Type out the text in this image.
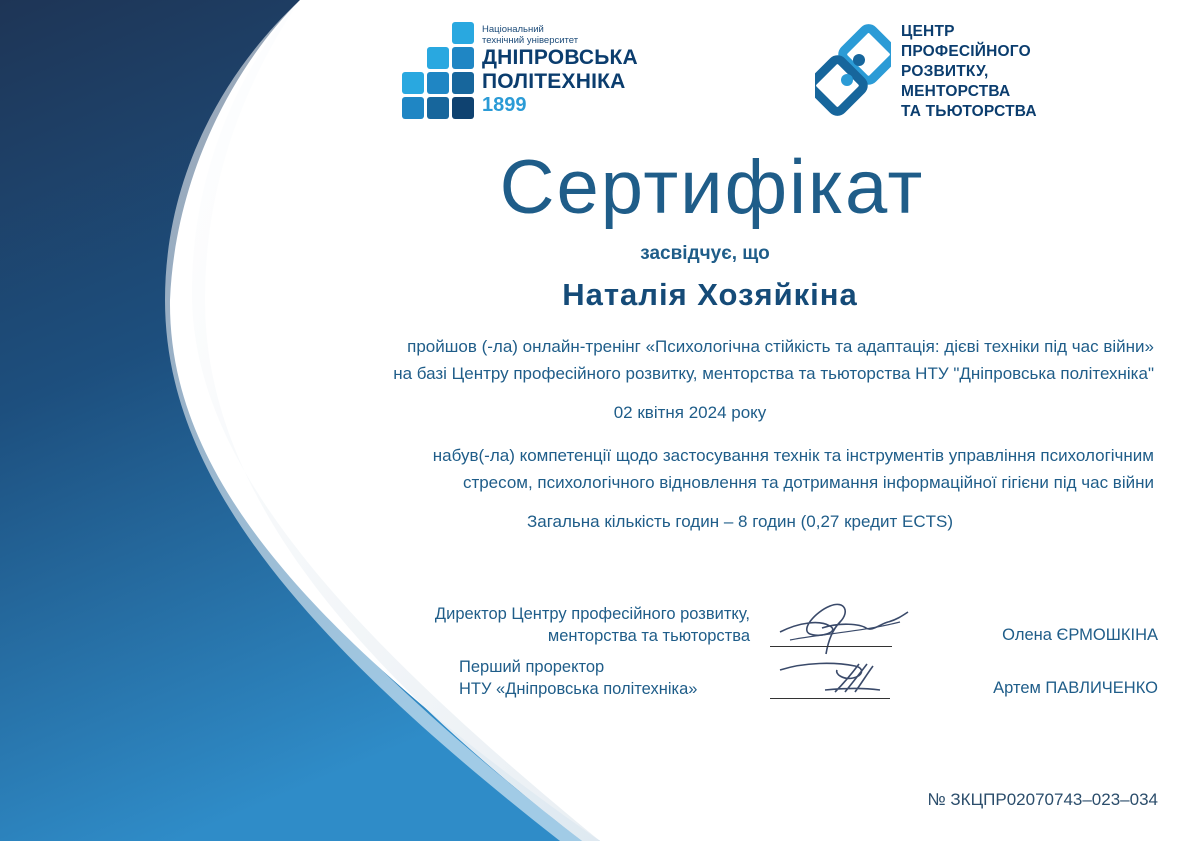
Національний
технічний університет
ДНІПРОВСЬКА
ПОЛІТЕХНІКА
1899
ЦЕНТР
ПРОФЕСІЙНОГО
РОЗВИТКУ,
МЕНТОРСТВА
ТА ТЬЮТОРСТВА
Сертифікат
засвідчує, що
Наталія Хозяйкіна
пройшов (-ла) онлайн-тренінг «Психологічна стійкість та адаптація: дієві техніки під час війни»
на базі Центру професійного розвитку, менторства та тьюторства НТУ "Дніпровська політехніка"
02 квітня 2024 року
набув(-ла) компетенції щодо застосування технік та інструментів управління психологічним
стресом, психологічного відновлення та дотримання інформаційної гігієни під час війни
Загальна кількість годин – 8 годин (0,27 кредит ECTS)
Директор Центру професійного розвитку,
менторства та тьюторства	Олена ЄРМОШКІНА
Перший проректор
НТУ «Дніпровська політехніка»	Артем ПАВЛИЧЕНКО
№ ЗКЦПР02070743–023–034
